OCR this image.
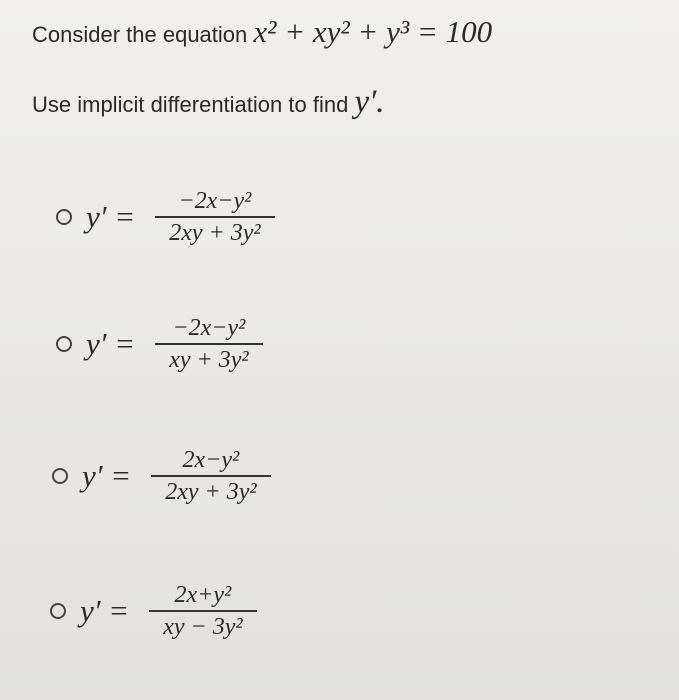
Consider the equation x² + xy² + y³ = 100
Use implicit differentiation to find y′.
$y' = \frac{\text{−2x−y²}}{\text{2xy + 3y²}}$
$y' = \frac{\text{−2x−y²}}{\text{xy + 3y²}}$
$y' = \frac{\text{2x−y²}}{\text{2xy + 3y²}}$
$y' = \frac{\text{2x+y²}}{\text{xy − 3y²}}$
